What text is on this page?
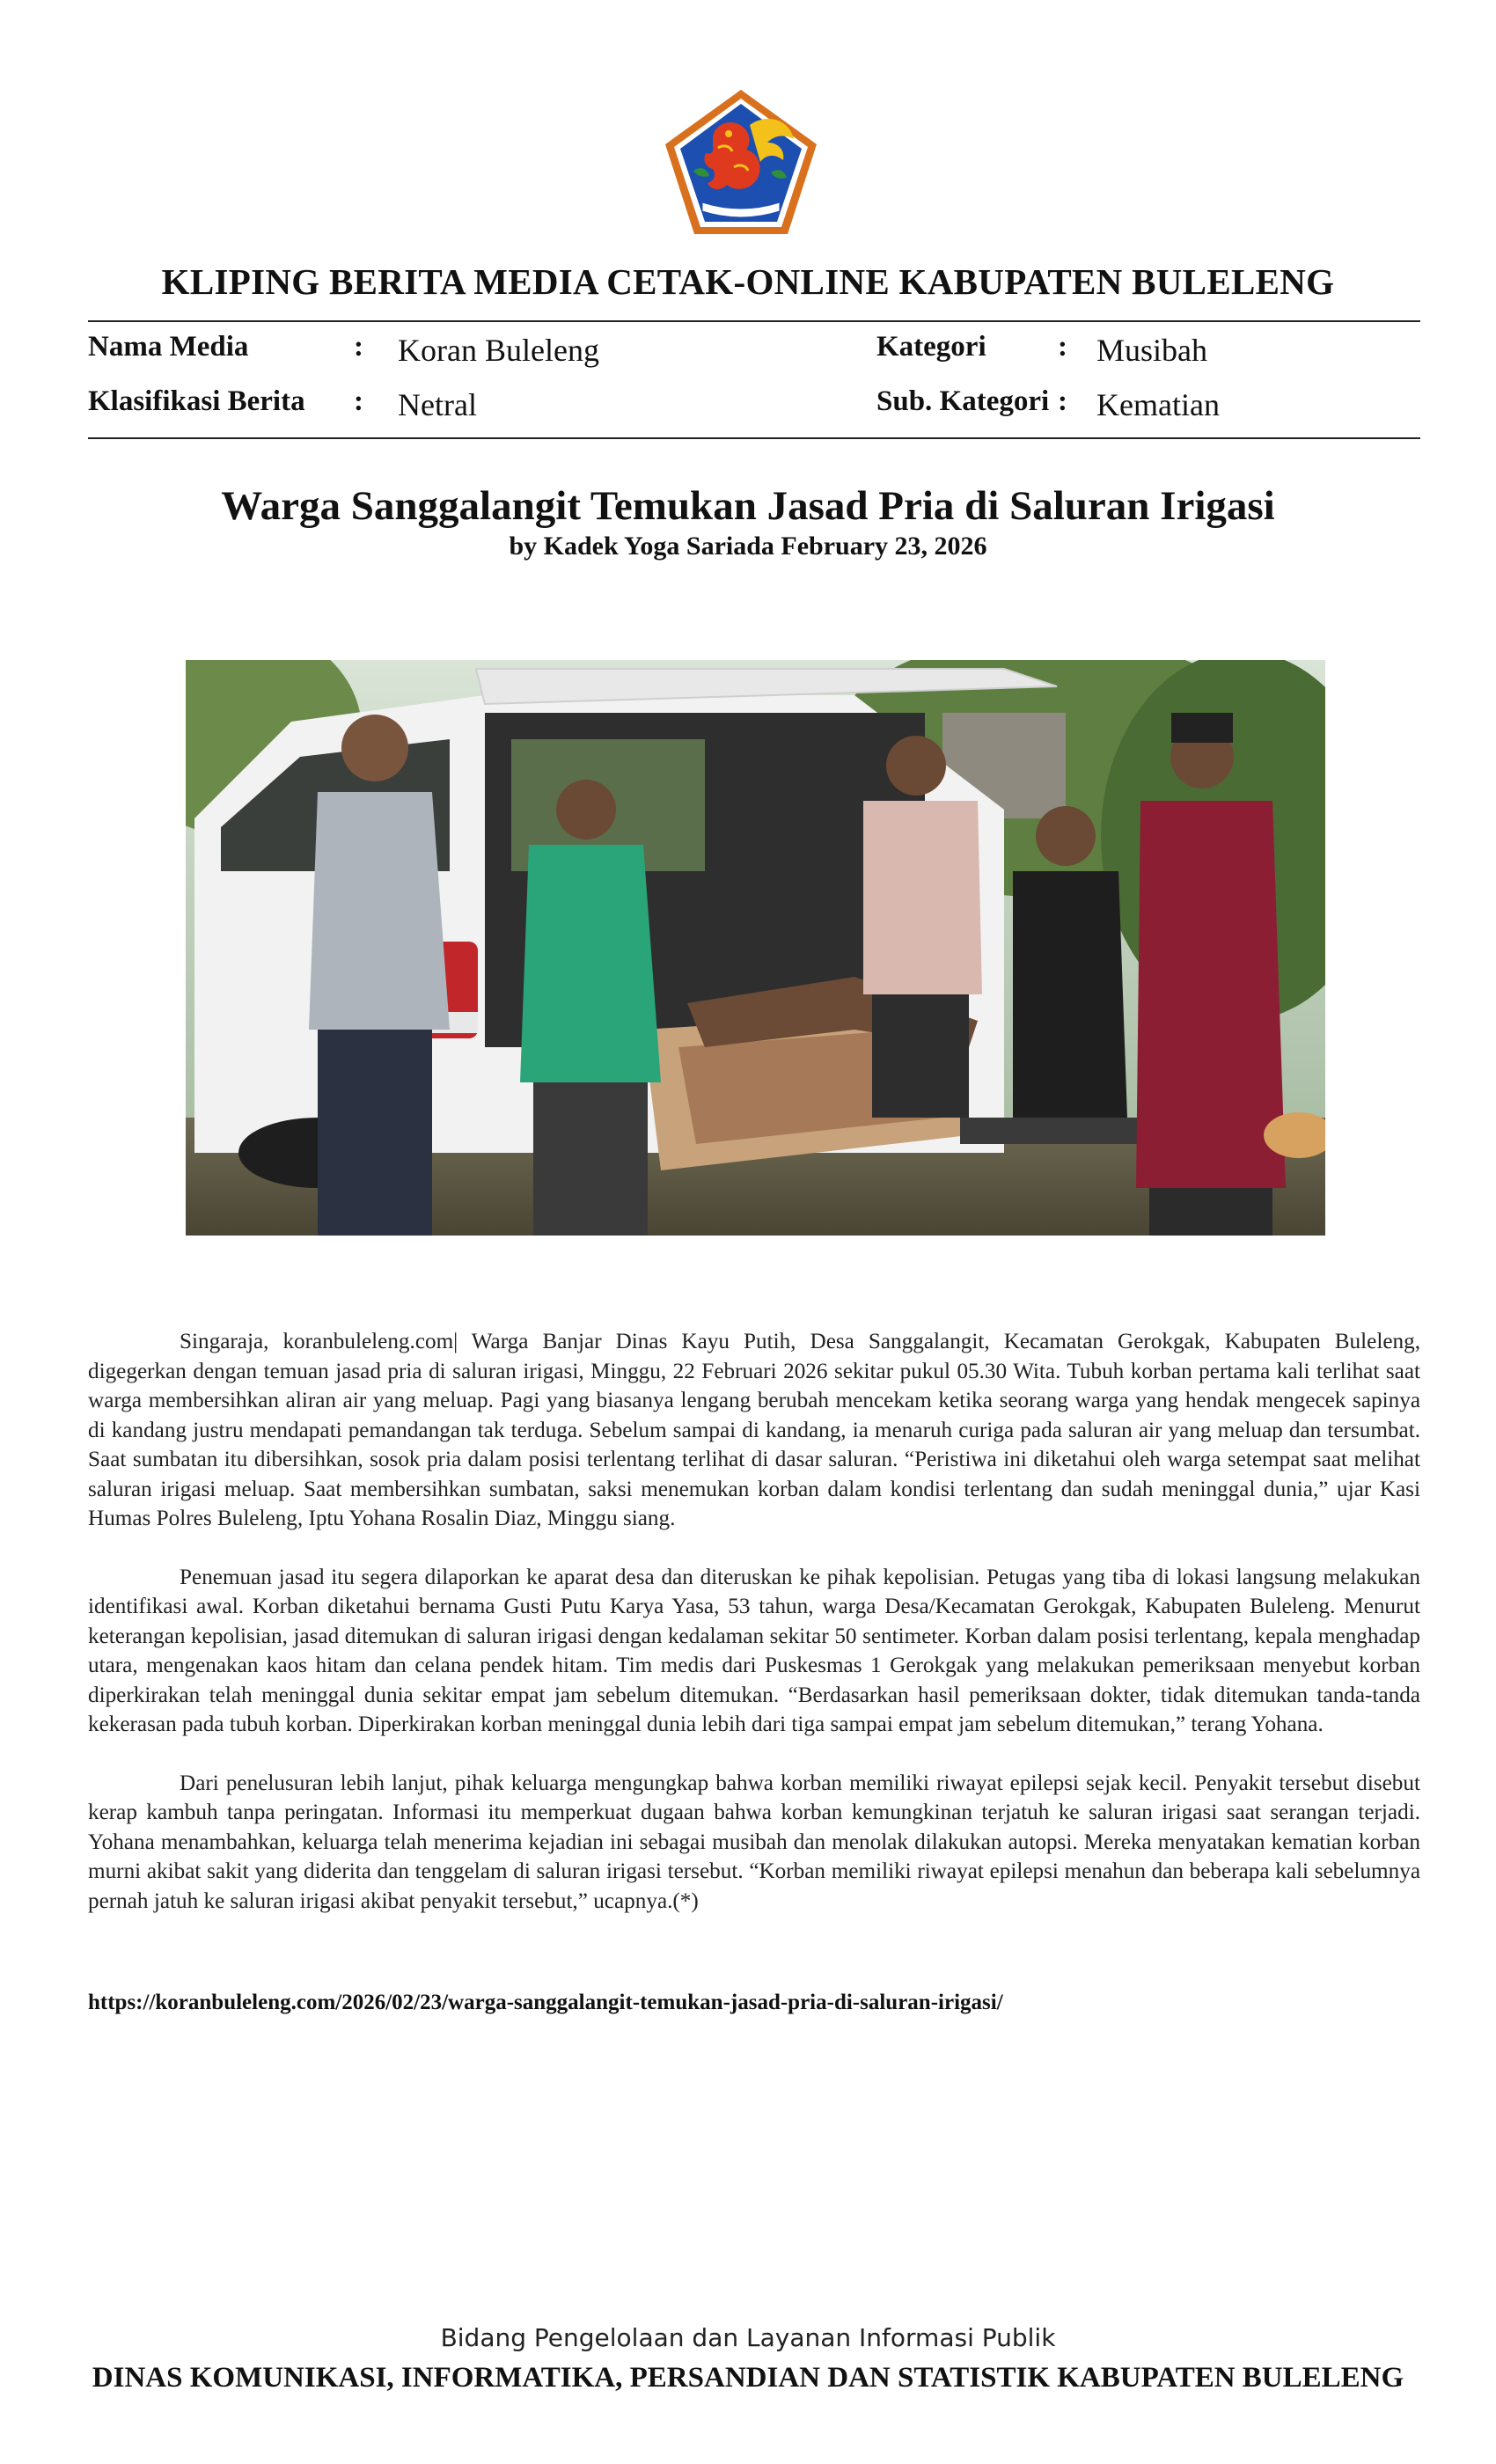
KLIPING BERITA MEDIA CETAK-ONLINE KABUPATEN BULELENG
Nama Media	: Koran Buleleng
Klasifikasi Berita : Netral
Kategori : Musibah
Sub. Kategori : Kematian
Warga Sanggalangit Temukan Jasad Pria di Saluran Irigasi
by Kadek Yoga Sariada February 23, 2026

Singaraja, koranbuleleng.com| Warga Banjar Dinas Kayu Putih, Desa Sanggalangit, Kecamatan Gerokgak, Kabupaten Buleleng, digegerkan dengan temuan jasad pria di saluran irigasi, Minggu, 22 Februari 2026 sekitar pukul 05.30 Wita. Tubuh korban pertama kali terlihat saat warga membersihkan aliran air yang meluap. Pagi yang biasanya lengang berubah mencekam ketika seorang warga yang hendak mengecek sapinya di kandang justru mendapati pemandangan tak terduga. Sebelum sampai di kandang, ia menaruh curiga pada saluran air yang meluap dan tersumbat. Saat sumbatan itu dibersihkan, sosok pria dalam posisi terlentang terlihat di dasar saluran. “Peristiwa ini diketahui oleh warga setempat saat melihat saluran irigasi meluap. Saat membersihkan sumbatan, saksi menemukan korban dalam kondisi terlentang dan sudah meninggal dunia,” ujar Kasi Humas Polres Buleleng, Iptu Yohana Rosalin Diaz, Minggu siang.

Penemuan jasad itu segera dilaporkan ke aparat desa dan diteruskan ke pihak kepolisian. Petugas yang tiba di lokasi langsung melakukan identifikasi awal. Korban diketahui bernama Gusti Putu Karya Yasa, 53 tahun, warga Desa/Kecamatan Gerokgak, Kabupaten Buleleng. Menurut keterangan kepolisian, jasad ditemukan di saluran irigasi dengan kedalaman sekitar 50 sentimeter. Korban dalam posisi terlentang, kepala menghadap utara, mengenakan kaos hitam dan celana pendek hitam. Tim medis dari Puskesmas 1 Gerokgak yang melakukan pemeriksaan menyebut korban diperkirakan telah meninggal dunia sekitar empat jam sebelum ditemukan. “Berdasarkan hasil pemeriksaan dokter, tidak ditemukan tanda-tanda kekerasan pada tubuh korban. Diperkirakan korban meninggal dunia lebih dari tiga sampai empat jam sebelum ditemukan,” terang Yohana.

Dari penelusuran lebih lanjut, pihak keluarga mengungkap bahwa korban memiliki riwayat epilepsi sejak kecil. Penyakit tersebut disebut kerap kambuh tanpa peringatan. Informasi itu memperkuat dugaan bahwa korban kemungkinan terjatuh ke saluran irigasi saat serangan terjadi. Yohana menambahkan, keluarga telah menerima kejadian ini sebagai musibah dan menolak dilakukan autopsi. Mereka menyatakan kematian korban murni akibat sakit yang diderita dan tenggelam di saluran irigasi tersebut. “Korban memiliki riwayat epilepsi menahun dan beberapa kali sebelumnya pernah jatuh ke saluran irigasi akibat penyakit tersebut,” ucapnya.(*)

https://koranbuleleng.com/2026/02/23/warga-sanggalangit-temukan-jasad-pria-di-saluran-irigasi/
Bidang Pengelolaan dan Layanan Informasi Publik
DINAS KOMUNIKASI, INFORMATIKA, PERSANDIAN DAN STATISTIK KABUPATEN BULELENG
